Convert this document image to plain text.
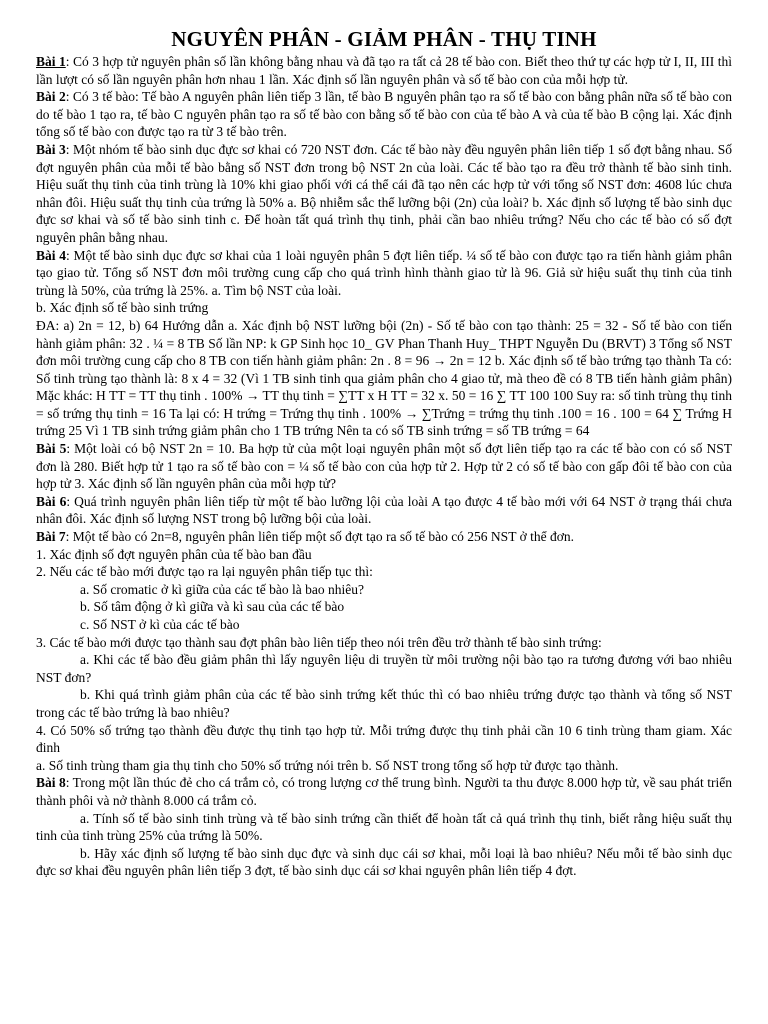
NGUYÊN PHÂN - GIẢM PHÂN - THỤ TINH

Bài 1: Có 3 hợp tử nguyên phân số lần không bằng nhau và đã tạo ra tất cả 28 tế bào con. Biết theo thứ tự các hợp tử I, II, III thì lần lượt có số lần nguyên phân hơn nhau 1 lần. Xác định số lần nguyên phân và số tế bào con của mỗi hợp tử.

Bài 2: Có 3 tế bào: Tế bào A nguyên phân liên tiếp 3 lần, tế bào B nguyên phân tạo ra số tế bào con bằng phân nữa số tế bào con do tế bào 1 tạo ra, tế bào C nguyên phân tạo ra số tế bào con bằng số tế bào con của tế bào A và của tế bào B cộng lại. Xác định tổng số tế bào con được tạo ra từ 3 tế bào trên.

Bài 3: Một nhóm tế bào sinh dục đực sơ khai có 720 NST đơn. Các tế bào này đều nguyên phân liên tiếp 1 số đợt bằng nhau. Số đợt nguyên phân của mỗi tế bào bằng số NST đơn trong bộ NST 2n của loài. Các tế bào tạo ra đều trở thành tế bào sinh tinh. Hiệu suất thụ tinh của tinh trùng là 10% khi giao phối với cá thể cái đã tạo nên các hợp tử với tổng số NST đơn: 4608 lúc chưa nhân đôi. Hiệu suất thụ tinh của trứng là 50% a. Bộ nhiễm sắc thể lưỡng bội (2n) của loài? b. Xác định số lượng tế bào sinh dục đực sơ khai và số tế bào sinh tinh c. Để hoàn tất quá trình thụ tinh, phải cần bao nhiêu trứng? Nếu cho các tế bào có số đợt nguyên phân bằng nhau.

Bài 4: Một tế bào sinh dục đực sơ khai của 1 loài nguyên phân 5 đợt liên tiếp. ¼ số tế bào con được tạo ra tiến hành giảm phân tạo giao tử. Tổng số NST đơn môi trường cung cấp cho quá trình hình thành giao tử là 96. Giả sử hiệu suất thụ tinh của tinh trùng là 50%, của trứng là 25%. a. Tìm bộ NST của loài.

b. Xác định số tế bào sinh trứng

ĐA: a) 2n = 12, b) 64 Hướng dẫn a. Xác định bộ NST lưỡng bội (2n) - Số tế bào con tạo thành: 25 = 32 - Số tế bào con tiến hành giảm phân: 32 . ¼ = 8 TB Số lần NP: k GP Sinh học 10_ GV Phan Thanh Huy_ THPT Nguyễn Du (BRVT) 3 Tổng số NST đơn môi trường cung cấp cho 8 TB con tiến hành giảm phân: 2n . 8 = 96 → 2n = 12 b. Xác định số tế bào trứng tạo thành Ta có: Số tinh trùng tạo thành là: 8 x 4 = 32 (Vì 1 TB sinh tinh qua giảm phân cho 4 giao tử, mà theo đề có 8 TB tiến hành giảm phân) Mặc khác: H TT = TT thụ tinh . 100% → TT thụ tinh = ∑TT x H TT = 32 x. 50 = 16 ∑ TT 100 100 Suy ra: số tinh trùng thụ tinh = số trứng thụ tinh = 16 Ta lại có: H trứng = Trứng thụ tinh . 100% → ∑Trứng = trứng thụ tinh .100 = 16 . 100 = 64 ∑ Trứng H trứng 25 Vì 1 TB sinh trứng giảm phân cho 1 TB trứng Nên ta có số TB sinh trứng = số TB trứng = 64

Bài 5: Một loài có bộ NST 2n = 10. Ba hợp tử của một loại nguyên phân một số đợt liên tiếp tạo ra các tế bào con có số NST đơn là 280. Biết hợp tử 1 tạo ra số tế bào con = ¼ số tế bào con của hợp tử 2. Hợp tử 2 có số tế bào con gấp đôi tế bào con của hợp tử 3. Xác định số lần nguyên phân của mỗi hợp tử?

Bài 6: Quá trình nguyên phân liên tiếp từ một tế bào lưỡng lội của loài A tạo được 4 tế bào mới với 64 NST ở trạng thái chưa nhân đôi. Xác định số lượng NST trong bộ lưỡng bội của loài.

Bài 7: Một tế bào có 2n=8, nguyên phân liên tiếp một số đợt tạo ra số tế bào có 256 NST ở thể đơn.

1. Xác định số đợt nguyên phân của tế bào ban đầu

2. Nếu các tế bào mới được tạo ra lại nguyên phân tiếp tục thì:

a. Số cromatic ở kì giữa của các tế bào là bao nhiêu?

b. Số tâm động ở kì giữa và kì sau của các tế bào

c. Số NST ở kì của các tế bào

3. Các tế bào mới được tạo thành sau đợt phân bào liên tiếp theo nói trên đều trở thành tế bào sinh trứng:

a. Khi các tế bào đều giảm phân thì lấy nguyên liệu di truyền từ môi trường nội bào tạo ra tương đương với bao nhiêu NST đơn?

b. Khi quá trình giảm phân của các tế bào sinh trứng kết thúc thì có bao nhiêu trứng được tạo thành và tổng số NST trong các tế bào trứng là bao nhiêu?

4. Có 50% số trứng tạo thành đều được thụ tinh tạo hợp tử. Mỗi trứng được thụ tinh phải cần 10 6 tinh trùng tham giam. Xác đinh

a. Số tinh trùng tham gia thụ tinh cho 50% số trứng nói trên b. Số NST trong tổng số hợp tử được tạo thành.

Bài 8: Trong một lần thúc đẻ cho cá trắm cỏ, có trong lượng cơ thể trung bình. Người ta thu được 8.000 hợp tử, về sau phát triển thành phôi và nở thành 8.000 cá trắm cỏ.

a. Tính số tế bào sinh tinh trùng và tế bào sinh trứng cần thiết để hoàn tất cả quá trình thụ tinh, biết rằng hiệu suất thụ tinh của tinh trùng 25% của trứng là 50%.

b. Hãy xác định số lượng tế bào sinh dục đực và sinh dục cái sơ khai, mỗi loại là bao nhiêu? Nếu mỗi tế bào sinh dục đực sơ khai đều nguyên phân liên tiếp 3 đợt, tế bào sinh dục cái sơ khai nguyên phân liên tiếp 4 đợt.
